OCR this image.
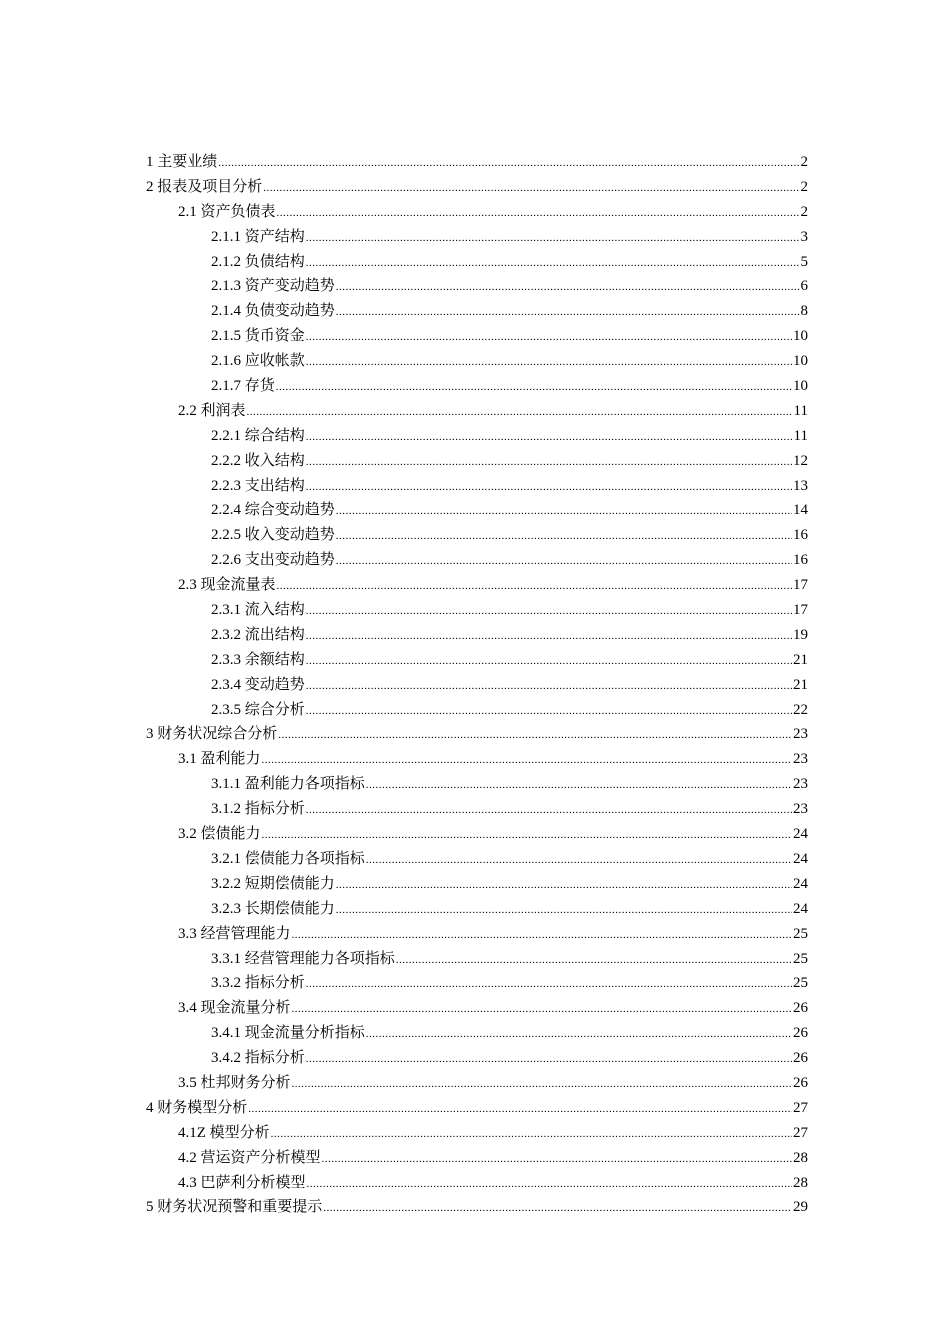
1 主要业绩 .....	2
2 报表及项目分析 .....	2
2.1 资产负债表 .....	2
2.1.1 资产结构 .....	3
2.1.2 负债结构 .....	5
2.1.3 资产变动趋势 .....	6
2.1.4 负债变动趋势 .....	8
2.1.5 货币资金 .....	10
2.1.6 应收帐款 .....	10
2.1.7 存货 .....	10
2.2 利润表 .....	11
2.2.1 综合结构 .....	11
2.2.2 收入结构 .....	12
2.2.3 支出结构 .....	13
2.2.4 综合变动趋势 .....	14
2.2.5 收入变动趋势 .....	16
2.2.6 支出变动趋势 .....	16
2.3 现金流量表 .....	17
2.3.1 流入结构 .....	17
2.3.2 流出结构 .....	19
2.3.3 余额结构 .....	21
2.3.4 变动趋势 .....	21
2.3.5 综合分析 .....	22
3 财务状况综合分析 .....	23
3.1 盈利能力 .....	23
3.1.1 盈利能力各项指标 .....	23
3.1.2 指标分析 .....	23
3.2 偿债能力 .....	24
3.2.1 偿债能力各项指标 .....	24
3.2.2 短期偿债能力 .....	24
3.2.3 长期偿债能力 .....	24
3.3 经营管理能力 .....	25
3.3.1 经营管理能力各项指标 .....	25
3.3.2 指标分析 .....	25
3.4 现金流量分析 .....	26
3.4.1 现金流量分析指标 .....	26
3.4.2 指标分析 .....	26
3.5 杜邦财务分析 .....	26
4 财务模型分析 .....	27
4.1Z 模型分析 .....	27
4.2 营运资产分析模型 .....	28
4.3 巴萨利分析模型 .....	28
5 财务状况预警和重要提示 .....	29
